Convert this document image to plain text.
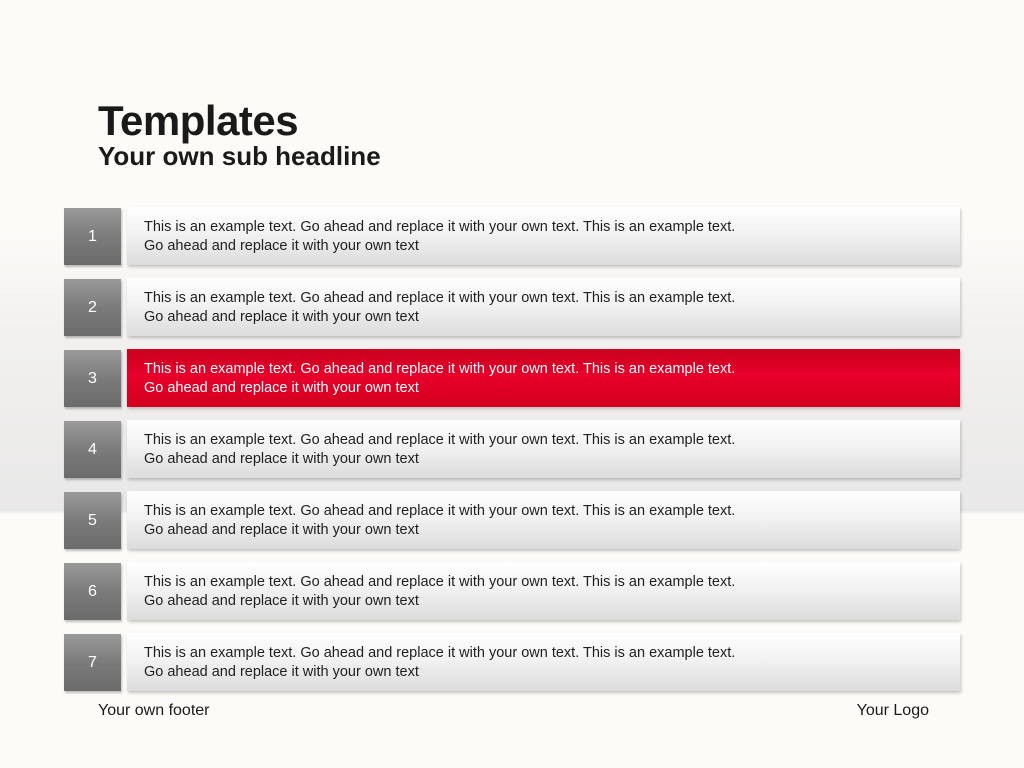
Templates
Your own sub headline
1
This is an example text. Go ahead and replace it with your own text. This is an example text.
Go ahead and replace it with your own text
2
This is an example text. Go ahead and replace it with your own text. This is an example text.
Go ahead and replace it with your own text
3
This is an example text. Go ahead and replace it with your own text. This is an example text.
Go ahead and replace it with your own text
4
This is an example text. Go ahead and replace it with your own text. This is an example text.
Go ahead and replace it with your own text
5
This is an example text. Go ahead and replace it with your own text. This is an example text.
Go ahead and replace it with your own text
6
This is an example text. Go ahead and replace it with your own text. This is an example text.
Go ahead and replace it with your own text
7
This is an example text. Go ahead and replace it with your own text. This is an example text.
Go ahead and replace it with your own text
Your own footer	Your Logo
